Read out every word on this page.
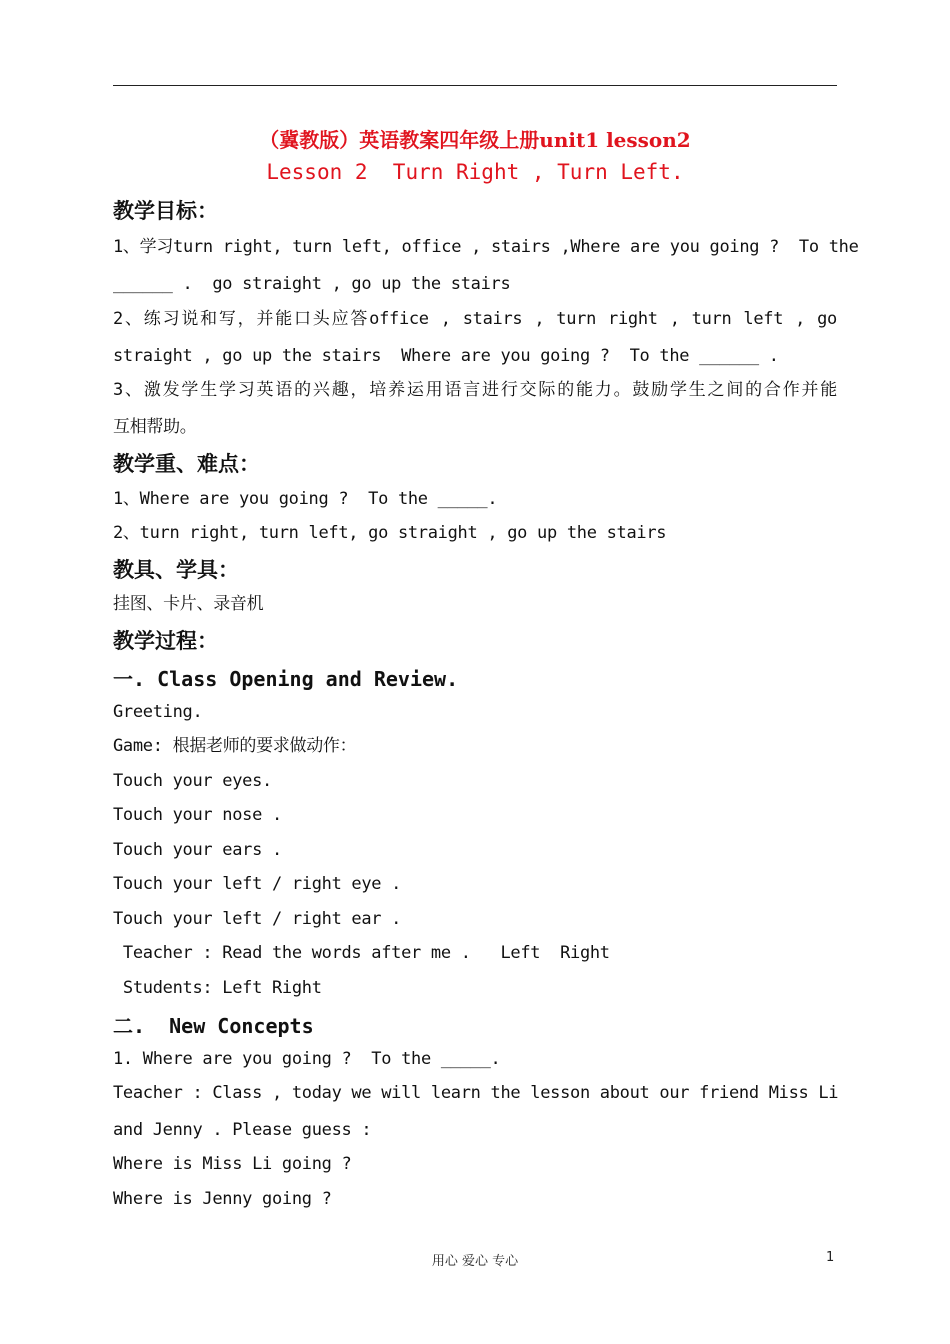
（冀教版）英语教案四年级上册unit1 lesson2
Lesson 2  Turn Right , Turn Left.
教学目标：
1、学习turn right, turn left, office , stairs ,Where are you going ?  To the
______ .  go straight , go up the stairs
2、练习说和写，并能口头应答office , stairs , turn right , turn left , go
straight , go up the stairs  Where are you going ?  To the ______ .
3、激发学生学习英语的兴趣，培养运用语言进行交际的能力。鼓励学生之间的合作并能
互相帮助。
教学重、难点：
1、Where are you going ?  To the _____.
2、turn right, turn left, go straight , go up the stairs
教具、学具：
挂图、卡片、录音机
教学过程：
一. Class Opening and Review.
Greeting.
Game: 根据老师的要求做动作：
Touch your eyes.
Touch your nose .
Touch your ears .
Touch your left / right eye .
Touch your left / right ear .
Teacher : Read the words after me .   Left  Right
Students: Left Right
二.  New Concepts
1. Where are you going ?  To the _____.
Teacher : Class , today we will learn the lesson about our friend Miss Li
and Jenny . Please guess :
Where is Miss Li going ?
Where is Jenny going ?
用心 爱心 专心	1
